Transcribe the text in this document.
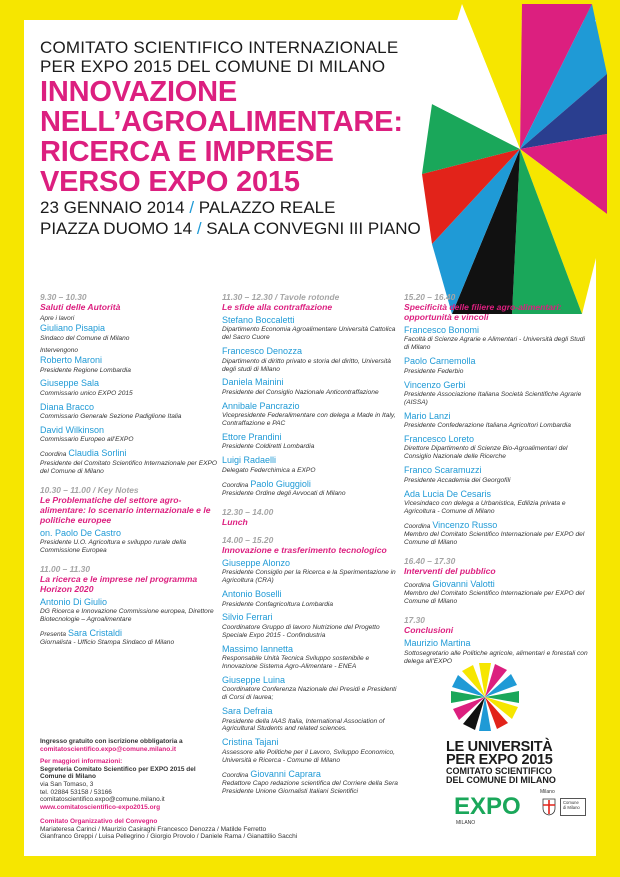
COMITATO SCIENTIFICO INTERNAZIONALE
PER EXPO 2015 DEL COMUNE DI MILANO
INNOVAZIONE
NELL’AGROALIMENTARE:
RICERCA E IMPRESE
VERSO EXPO 2015
23 GENNAIO 2014 / PALAZZO REALE
PIAZZA DUOMO 14 / SALA CONVEGNI III PIANO
9.30 – 10.30
Saluti delle Autorità
Apre i lavori
Giuliano Pisapia
Sindaco del Comune di Milano
Intervengono
Roberto Maroni
Presidente Regione Lombardia
Giuseppe Sala
Commissario unico EXPO 2015
Diana Bracco
Commissario Generale Sezione Padiglione Italia
David Wilkinson
Commissario Europeo all’EXPO
Coordina Claudia Sorlini
Presidente del Comitato Scientifico Internazionale per EXPO del Comune di Milano
10.30 – 11.00 / Key Notes
Le Problematiche del settore agro-alimentare: lo scenario internazionale e le politiche europee
on. Paolo De Castro
Presidente U.O. Agricoltura e sviluppo rurale della Commissione Europea
11.00 – 11.30
La ricerca e le imprese nel programma Horizon 2020
Antonio Di Giulio
DG Ricerca e Innovazione Commissione europea, Direttore Biotecnologie – Agroalimentare
Presenta Sara Cristaldi
Giornalista - Ufficio Stampa Sindaco di Milano
11.30 – 12.30 / Tavole rotonde
Le sfide alla contraffazione
Stefano Boccaletti
Dipartimento Economia Agroalimentare Università Cattolica del Sacro Cuore
Francesco Denozza
Dipartimento di diritto privato e storia del diritto, Università degli studi di Milano
Daniela Mainini
Presidente del Consiglio Nazionale Anticontraffazione
Annibale Pancrazio
Vicepresidente Federalimentare con delega a Made in Italy, Contraffazione e PAC
Ettore Prandini
Presidente Coldiretti Lombardia
Luigi Radaelli
Delegato Federchimica a EXPO
Coordina Paolo Giuggioli
Presidente Ordine degli Avvocati di Milano
12.30 – 14.00
Lunch
14.00 – 15.20
Innovazione e trasferimento tecnologico
Giuseppe Alonzo
Presidente Consiglio per la Ricerca e la Sperimentazione in Agricoltura (CRA)
Antonio Boselli
Presidente Confagricoltura Lombardia
Silvio Ferrari
Coordinatore Gruppo di lavoro Nutrizione del Progetto Speciale Expo 2015 - Confindustria
Massimo Iannetta
Responsabile Unità Tecnica Sviluppo sostenibile e Innovazione Sistema Agro-Alimentare - ENEA
Giuseppe Luina
Coordinatore Conferenza Nazionale dei Presidi e Presidenti di Corsi di laurea;
Sara Defraia
Presidente della IAAS Italia, International Association of Agricultural Students and related sciences.
Cristina Tajani
Assessore alle Politiche per il Lavoro, Sviluppo Economico, Università e Ricerca - Comune di Milano
Coordina Giovanni Caprara
Redattore Capo redazione scientifica del Corriere della Sera Presidente Unione Giornalisti Italiani Scientifici
15.20 – 16.40
Specificità delle filiere agro-alimentari: opportunità e vincoli
Francesco Bonomi
Facoltà di Scienze Agrarie e Alimentari - Università degli Studi di Milano
Paolo Carnemolla
Presidente Federbio
Vincenzo Gerbi
Presidente Associazione Italiana Società Scientifiche Agrarie (AISSA)
Mario Lanzi
Presidente Confederazione Italiana Agricoltori Lombardia
Francesco Loreto
Direttore Dipartimento di Scienze Bio-Agroalimentari del Consiglio Nazionale delle Ricerche
Franco Scaramuzzi
Presidente Accademia dei Georgofili
Ada Lucia De Cesaris
Vicesindaco con delega a Urbanistica, Edilizia privata e Agricoltura - Comune di Milano
Coordina Vincenzo Russo
Membro del Comitato Scientifico Internazionale per EXPO del Comune di Milano
16.40 – 17.30
Interventi del pubblico
Coordina Giovanni Valotti
Membro del Comitato Scientifico Internazionale per EXPO del Comune di Milano
17.30
Conclusioni
Maurizio Martina
Sottosegretario alle Politiche agricole, alimentari e forestali con delega all’EXPO
Ingresso gratuito con iscrizione obbligatoria a
comitatoscientifico.expo@comune.milano.it
Per maggiori informazioni:
Segreteria Comitato Scientifico per EXPO 2015 del Comune di Milano
via San Tomaso, 3
tel. 02884 53158 / 53166
comitatoscientifico.expo@comune.milano.it
www.comitatoscientifico-expo2015.org
Comitato Organizzativo del Convegno
Mariateresa Carinci / Maurizio Casiraghi Francesco Denozza / Matilde Ferretto
Gianfranco Greppi / Luisa Pellegrino / Giorgio Provolo / Daniele Rama / Gianattilio Sacchi
LE UNIVERSITÀ
PER EXPO 2015
COMITATO SCIENTIFICO
DEL COMUNE DI MILANO
EXPO
MILANO
Milano
Comune di Milano
